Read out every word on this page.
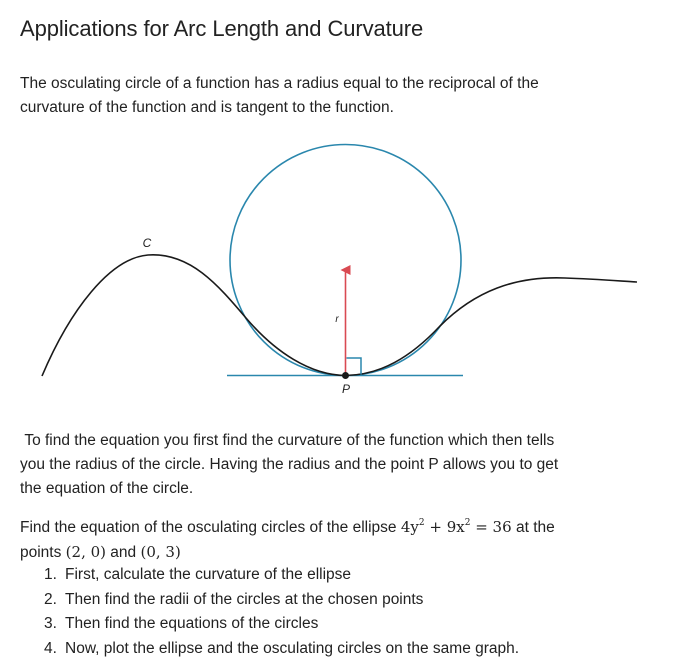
Applications for Arc Length and Curvature

The osculating circle of a function has a radius equal to the reciprocal of the
curvature of the function and is tangent to the function.

C
r
P

To find the equation you first find the curvature of the function which then tells
you the radius of the circle. Having the radius and the point P allows you to get
the equation of the circle.

Find the equation of the osculating circles of the ellipse $4y^2 + 9x^2 = 36$ at the
points (2, 0) and (0, 3)

1. First, calculate the curvature of the ellipse
2. Then find the radii of the circles at the chosen points
3. Then find the equations of the circles
4. Now, plot the ellipse and the osculating circles on the same graph.
